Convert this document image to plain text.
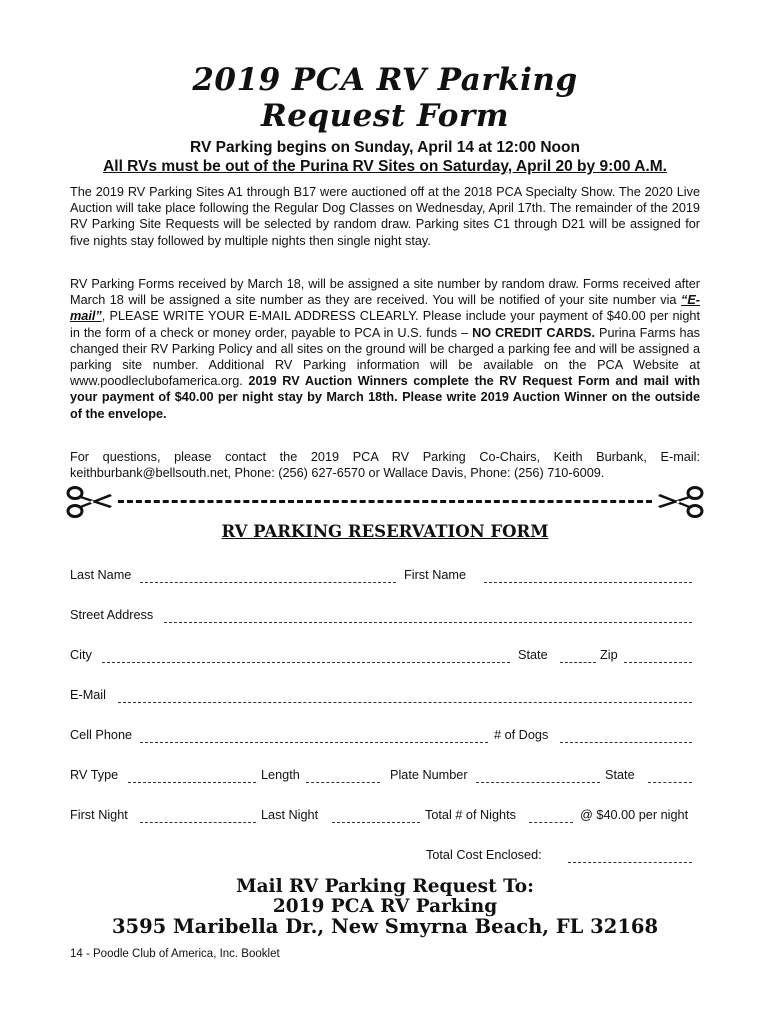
2019 PCA RV Parking
Request Form
RV Parking begins on Sunday, April 14 at 12:00 Noon
All RVs must be out of the Purina RV Sites on Saturday, April 20 by 9:00 A.M.
The 2019 RV Parking Sites A1 through B17 were auctioned off at the 2018 PCA Specialty Show. The 2020 Live Auction will take place following the Regular Dog Classes on Wednesday, April 17th. The remainder of the 2019 RV Parking Site Requests will be selected by random draw. Parking sites C1 through D21 will be assigned for five nights stay followed by multiple nights then single night stay.
RV Parking Forms received by March 18, will be assigned a site number by random draw. Forms received after March 18 will be assigned a site number as they are received. You will be notified of your site number via “E-mail”, PLEASE WRITE YOUR E-MAIL ADDRESS CLEARLY. Please include your payment of $40.00 per night in the form of a check or money order, payable to PCA in U.S. funds – NO CREDIT CARDS. Purina Farms has changed their RV Parking Policy and all sites on the ground will be charged a parking fee and will be assigned a parking site number. Additional RV Parking information will be available on the PCA Website at www.poodleclubofamerica.org. 2019 RV Auction Winners complete the RV Request Form and mail with your payment of $40.00 per night stay by March 18th. Please write 2019 Auction Winner on the outside of the envelope.
For questions, please contact the 2019 PCA RV Parking Co-Chairs, Keith Burbank, E-mail: keithburbank@bellsouth.net, Phone: (256) 627-6570 or Wallace Davis, Phone: (256) 710-6009.
RV PARKING RESERVATION FORM
Last Name	First Name
Street Address
City	State	Zip
E-Mail
Cell Phone	# of Dogs
RV Type	Length	Plate Number	State
First Night	Last Night	Total # of Nights	@ $40.00 per night
Total Cost Enclosed:
Mail RV Parking Request To:
2019 PCA RV Parking
3595 Maribella Dr., New Smyrna Beach, FL 32168
14 - Poodle Club of America, Inc. Booklet
